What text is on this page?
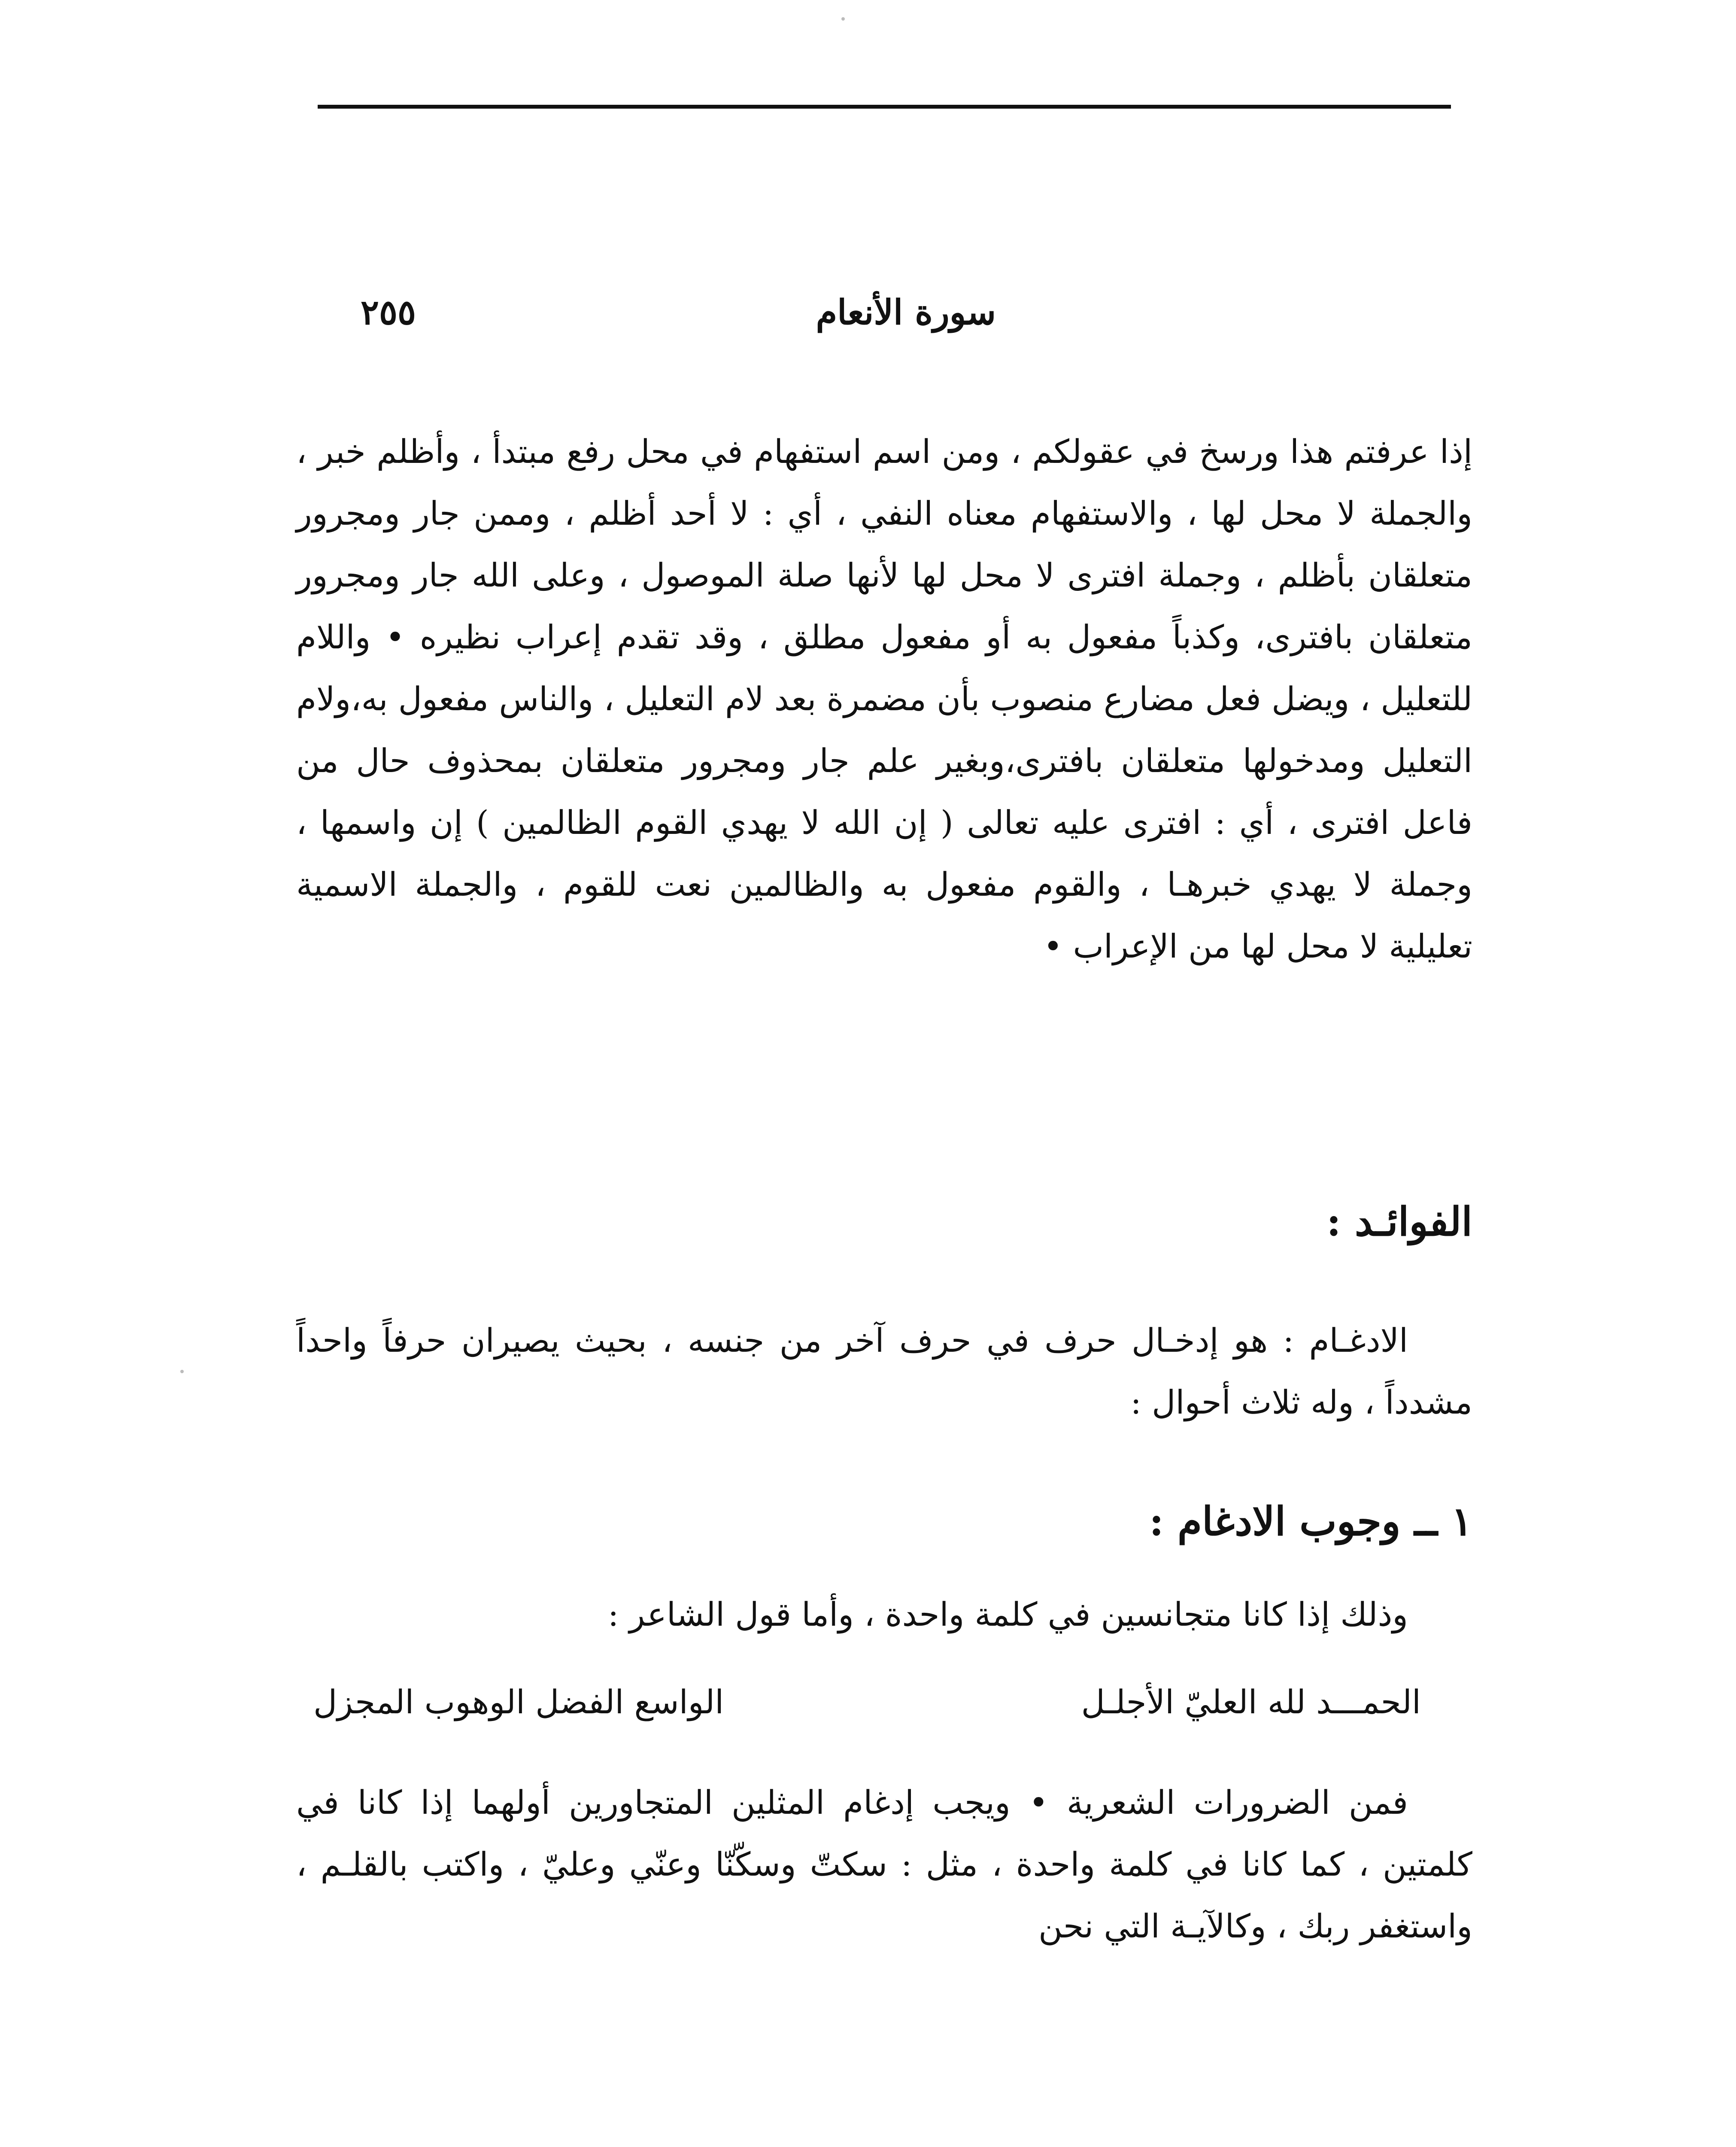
سورة الأنعام
٢٥٥

إذا عرفتم هذا ورسخ في عقولكم ، ومن اسم استفهام في محل رفع مبتدأ ، وأظلم خبر ، والجملة لا محل لها ، والاستفهام معناه النفي ، أي : لا أحد أظلم ، وممن جار ومجرور متعلقان بأظلم ، وجملة افترى لا محل لها لأنها صلة الموصول ، وعلى الله جار ومجرور متعلقان بافترى، وكذباً مفعول به أو مفعول مطلق ، وقد تقدم إعراب نظيره • واللام للتعليل ، ويضل فعل مضارع منصوب بأن مضمرة بعد لام التعليل ، والناس مفعول به،ولام التعليل ومدخولها متعلقان بافترى،وبغير علم جار ومجرور متعلقان بمحذوف حال من فاعل افترى ، أي : افترى عليه تعالى ( إن الله لا يهدي القوم الظالمين ) إن واسمها ، وجملة لا يهدي خبرهـا ، والقوم مفعول به والظالمين نعت للقوم ، والجملة الاسمية تعليلية لا محل لها من الإعراب •

الفوائـد :

الادغـام : هو إدخـال حرف في حرف آخر من جنسه ، بحيث يصيران حرفاً واحداً مشدداً ، وله ثلاث أحوال :

١ ــ وجوب الادغام :

وذلك إذا كانا متجانسين في كلمة واحدة ، وأما قول الشاعر :

الحمـــد لله العليّ الأجلـل
الواسع الفضل الوهوب المجزل

فمن الضرورات الشعرية • ويجب إدغام المثلين المتجاورين أولهما إذا كانا في كلمتين ، كما كانا في كلمة واحدة ، مثل : سكتّ وسكّنّا وعنّي وعليّ ، واكتب بالقلـم ، واستغفر ربك ، وكالآيـة التي نحن
